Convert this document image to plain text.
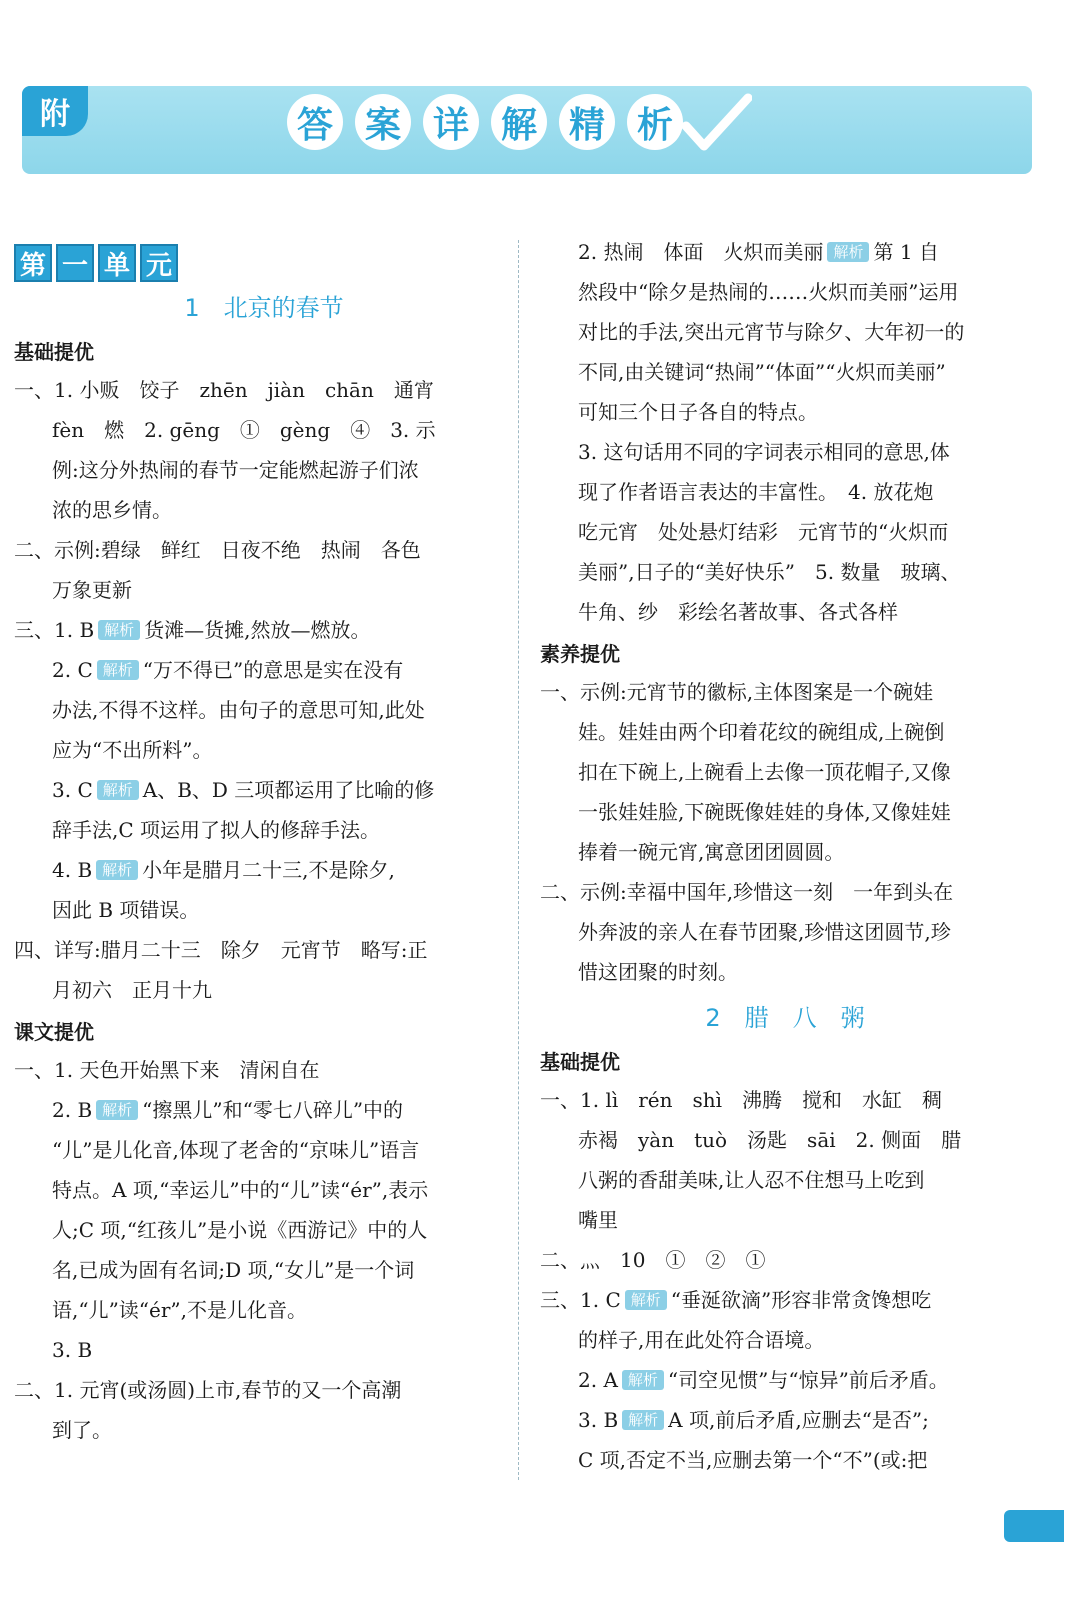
附	答 案 详 解 精 析
第 一 单 元
1　北京的春节
基础提优
一、1. 小贩　饺子　zhēn　jiàn　chān　通宵
fèn　燃　2. gēng　①　gèng　④　3. 示
例:这分外热闹的春节一定能燃起游子们浓
浓的思乡情。
二、示例:碧绿　鲜红　日夜不绝　热闹　各色
万象更新
三、1. B 解析 货滩—货摊,然放—燃放。
2. C 解析 “万不得已”的意思是实在没有
办法,不得不这样。由句子的意思可知,此处
应为“不出所料”。
3. C 解析 A、B、D 三项都运用了比喻的修
辞手法,C 项运用了拟人的修辞手法。
4. B 解析 小年是腊月二十三,不是除夕,
因此 B 项错误。
四、详写:腊月二十三　除夕　元宵节　略写:正
月初六　正月十九
课文提优
一、1. 天色开始黑下来　清闲自在
2. B 解析 “擦黑儿”和“零七八碎儿”中的
“儿”是儿化音,体现了老舍的“京味儿”语言
特点。A 项,“幸运儿”中的“儿”读“ér”,表示
人;C 项,“红孩儿”是小说《西游记》中的人
名,已成为固有名词;D 项,“女儿”是一个词
语,“儿”读“ér”,不是儿化音。
3. B
二、1. 元宵(或汤圆)上市,春节的又一个高潮
到了。
2. 热闹　体面　火炽而美丽 解析 第 1 自
然段中“除夕是热闹的……火炽而美丽”运用
对比的手法,突出元宵节与除夕、大年初一的
不同,由关键词“热闹”“体面”“火炽而美丽”
可知三个日子各自的特点。
3. 这句话用不同的字词表示相同的意思,体
现了作者语言表达的丰富性。　4. 放花炮
吃元宵　处处悬灯结彩　元宵节的“火炽而
美丽”,日子的“美好快乐”　5. 数量　玻璃、
牛角、纱　彩绘名著故事、各式各样
素养提优
一、示例:元宵节的徽标,主体图案是一个碗娃
娃。娃娃由两个印着花纹的碗组成,上碗倒
扣在下碗上,上碗看上去像一顶花帽子,又像
一张娃娃脸,下碗既像娃娃的身体,又像娃娃
捧着一碗元宵,寓意团团圆圆。
二、示例:幸福中国年,珍惜这一刻　一年到头在
外奔波的亲人在春节团聚,珍惜这团圆节,珍
惜这团聚的时刻。
2　腊　八　粥
基础提优
一、1. lì　rén　shì　沸腾　搅和　水缸　稠
赤褐　yàn　tuò　汤匙　sāi　2. 侧面　腊
八粥的香甜美味,让人忍不住想马上吃到
嘴里
二、灬　10　①　②　①
三、1. C 解析 “垂涎欲滴”形容非常贪馋想吃
的样子,用在此处符合语境。
2. A 解析 “司空见惯”与“惊异”前后矛盾。
3. B 解析 A 项,前后矛盾,应删去“是否”;
C 项,否定不当,应删去第一个“不”(或:把
